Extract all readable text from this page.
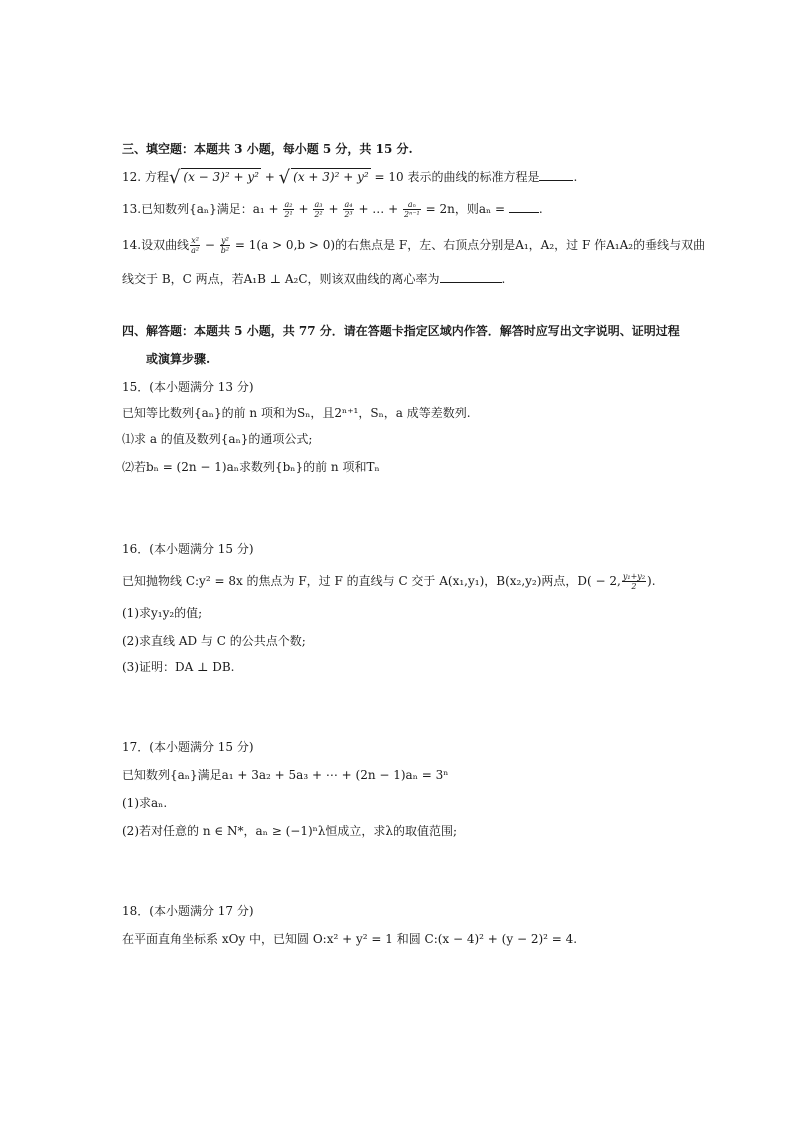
三、填空题：本题共 3 小题，每小题 5 分，共 15 分.
12. 方程√ (x − 3)² + y² + √ (x + 3)² + y² = 10 表示的曲线的标准方程是	.
13.已知数列{aₙ}满足：$a_1 + \frac{\text{a₂}}{\text{2¹}} + \frac{\text{a₃}}{\text{2²}} + \frac{\text{a₄}}{\text{2³}}$ + … + $\frac{\text{aₙ}}{\text{2ⁿ⁻¹}} = 2n$，则aₙ =	.
14.设双曲线 $\frac{\text{x²}}{\text{a²}} - \frac{\text{y²}}{\text{b²}} = 1(a > 0,b > 0)$的右焦点是 F，左、右顶点分别是A₁，A₂，过 F 作A₁A₂的垂线与双曲
线交于 B，C 两点，若A₁B ⊥ A₂C，则该双曲线的离心率为	.
四、解答题：本题共 5 小题，共 77 分．请在答题卡指定区域内作答．解答时应写出文字说明、证明过程
或演算步骤.
15．(本小题满分 13 分)
已知等比数列{aₙ}的前 n 项和为Sₙ，且2ⁿ⁺¹，Sₙ，a 成等差数列.
⑴求 a 的值及数列{aₙ}的通项公式;
⑵若bₙ = (2n − 1)aₙ求数列{bₙ}的前 n 项和Tₙ
16．(本小题满分 15 分)
已知抛物线 C:y² = 8x 的焦点为 F，过 F 的直线与 C 交于 A(x₁,y₁)，B(x₂,y₂)两点，D( − 2, $\frac{\text{y₁+y₂}}{2}$ ).
(1)求y₁y₂的值;
(2)求直线 AD 与 C 的公共点个数;
(3)证明：DA ⊥ DB.
17．(本小题满分 15 分)
已知数列{aₙ}满足a₁ + 3a₂ + 5a₃ + ⋯ + (2n − 1)aₙ = 3ⁿ
(1)求aₙ.
(2)若对任意的 n ∈ N*，aₙ ≥ (−1)ⁿλ恒成立，求λ的取值范围;
18．(本小题满分 17 分)
在平面直角坐标系 xOy 中，已知圆 O:x² + y² = 1 和圆 C:(x − 4)² + (y − 2)² = 4.
